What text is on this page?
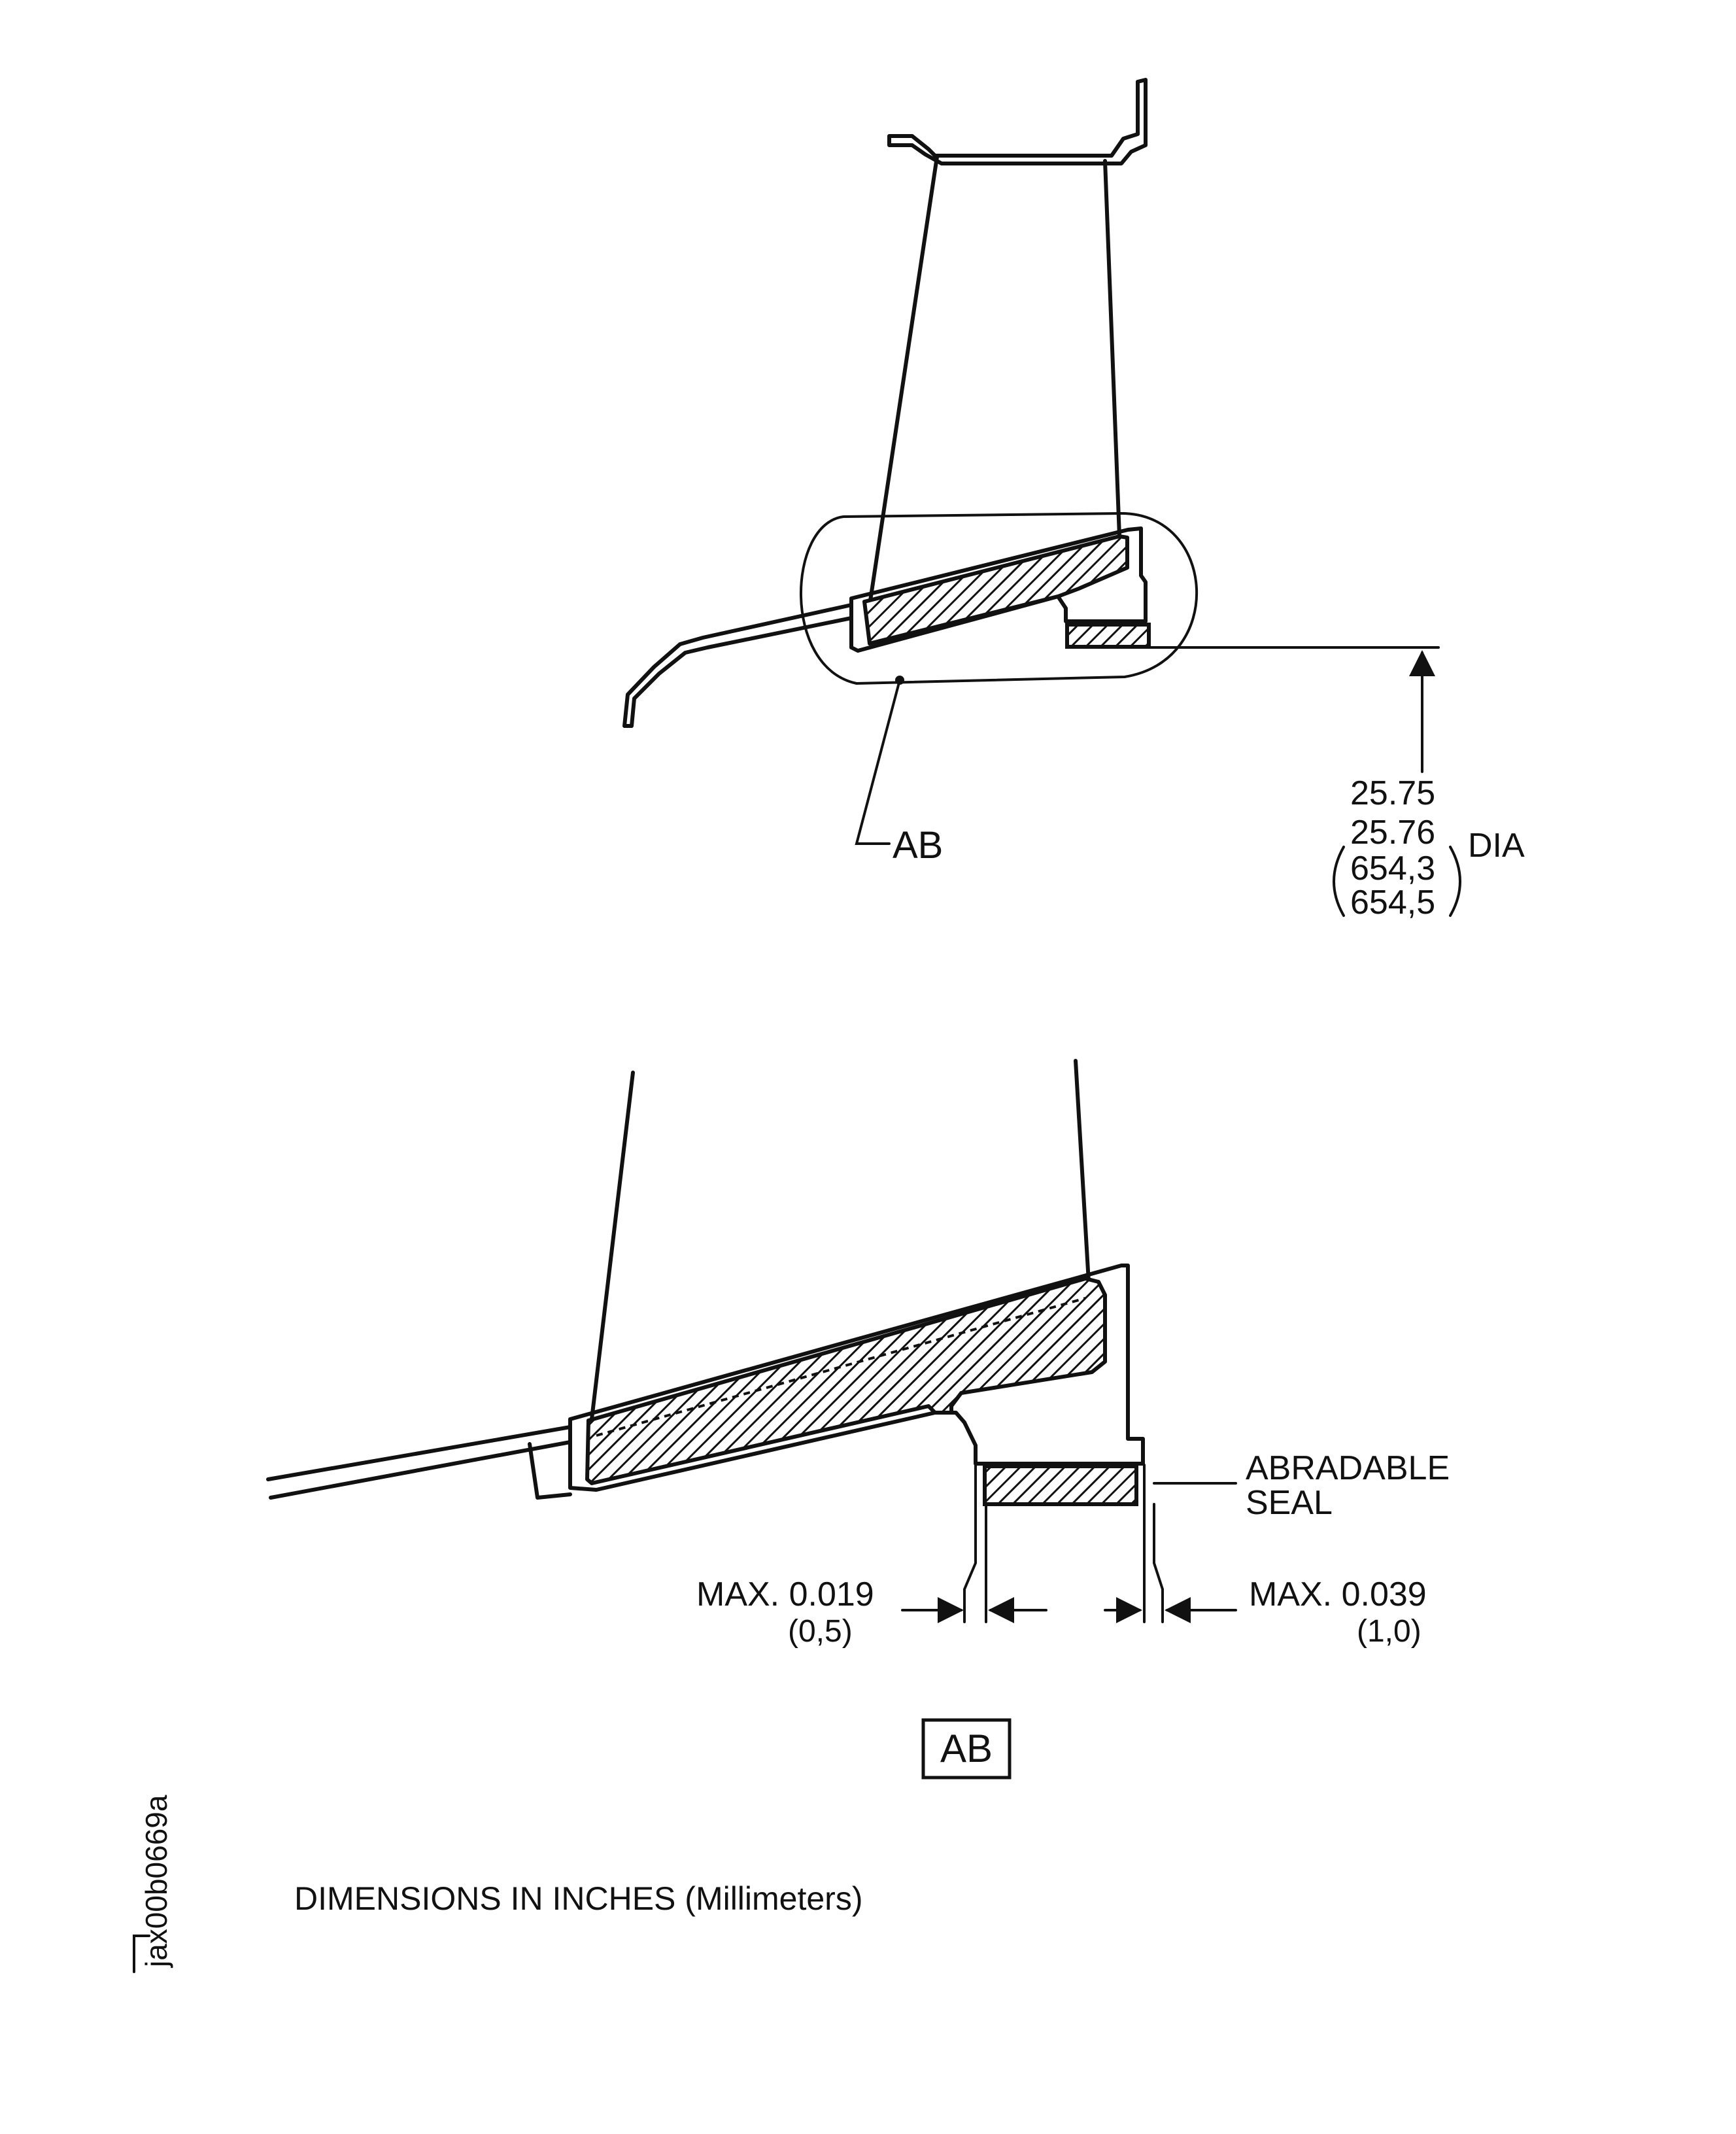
AB
25.75
25.76
654,3
654,5
DIA
ABRADABLE
SEAL
MAX. 0.019
(0,5)
MAX. 0.039
(1,0)
AB
DIMENSIONS IN INCHES (Millimeters)
jax00b0669a
